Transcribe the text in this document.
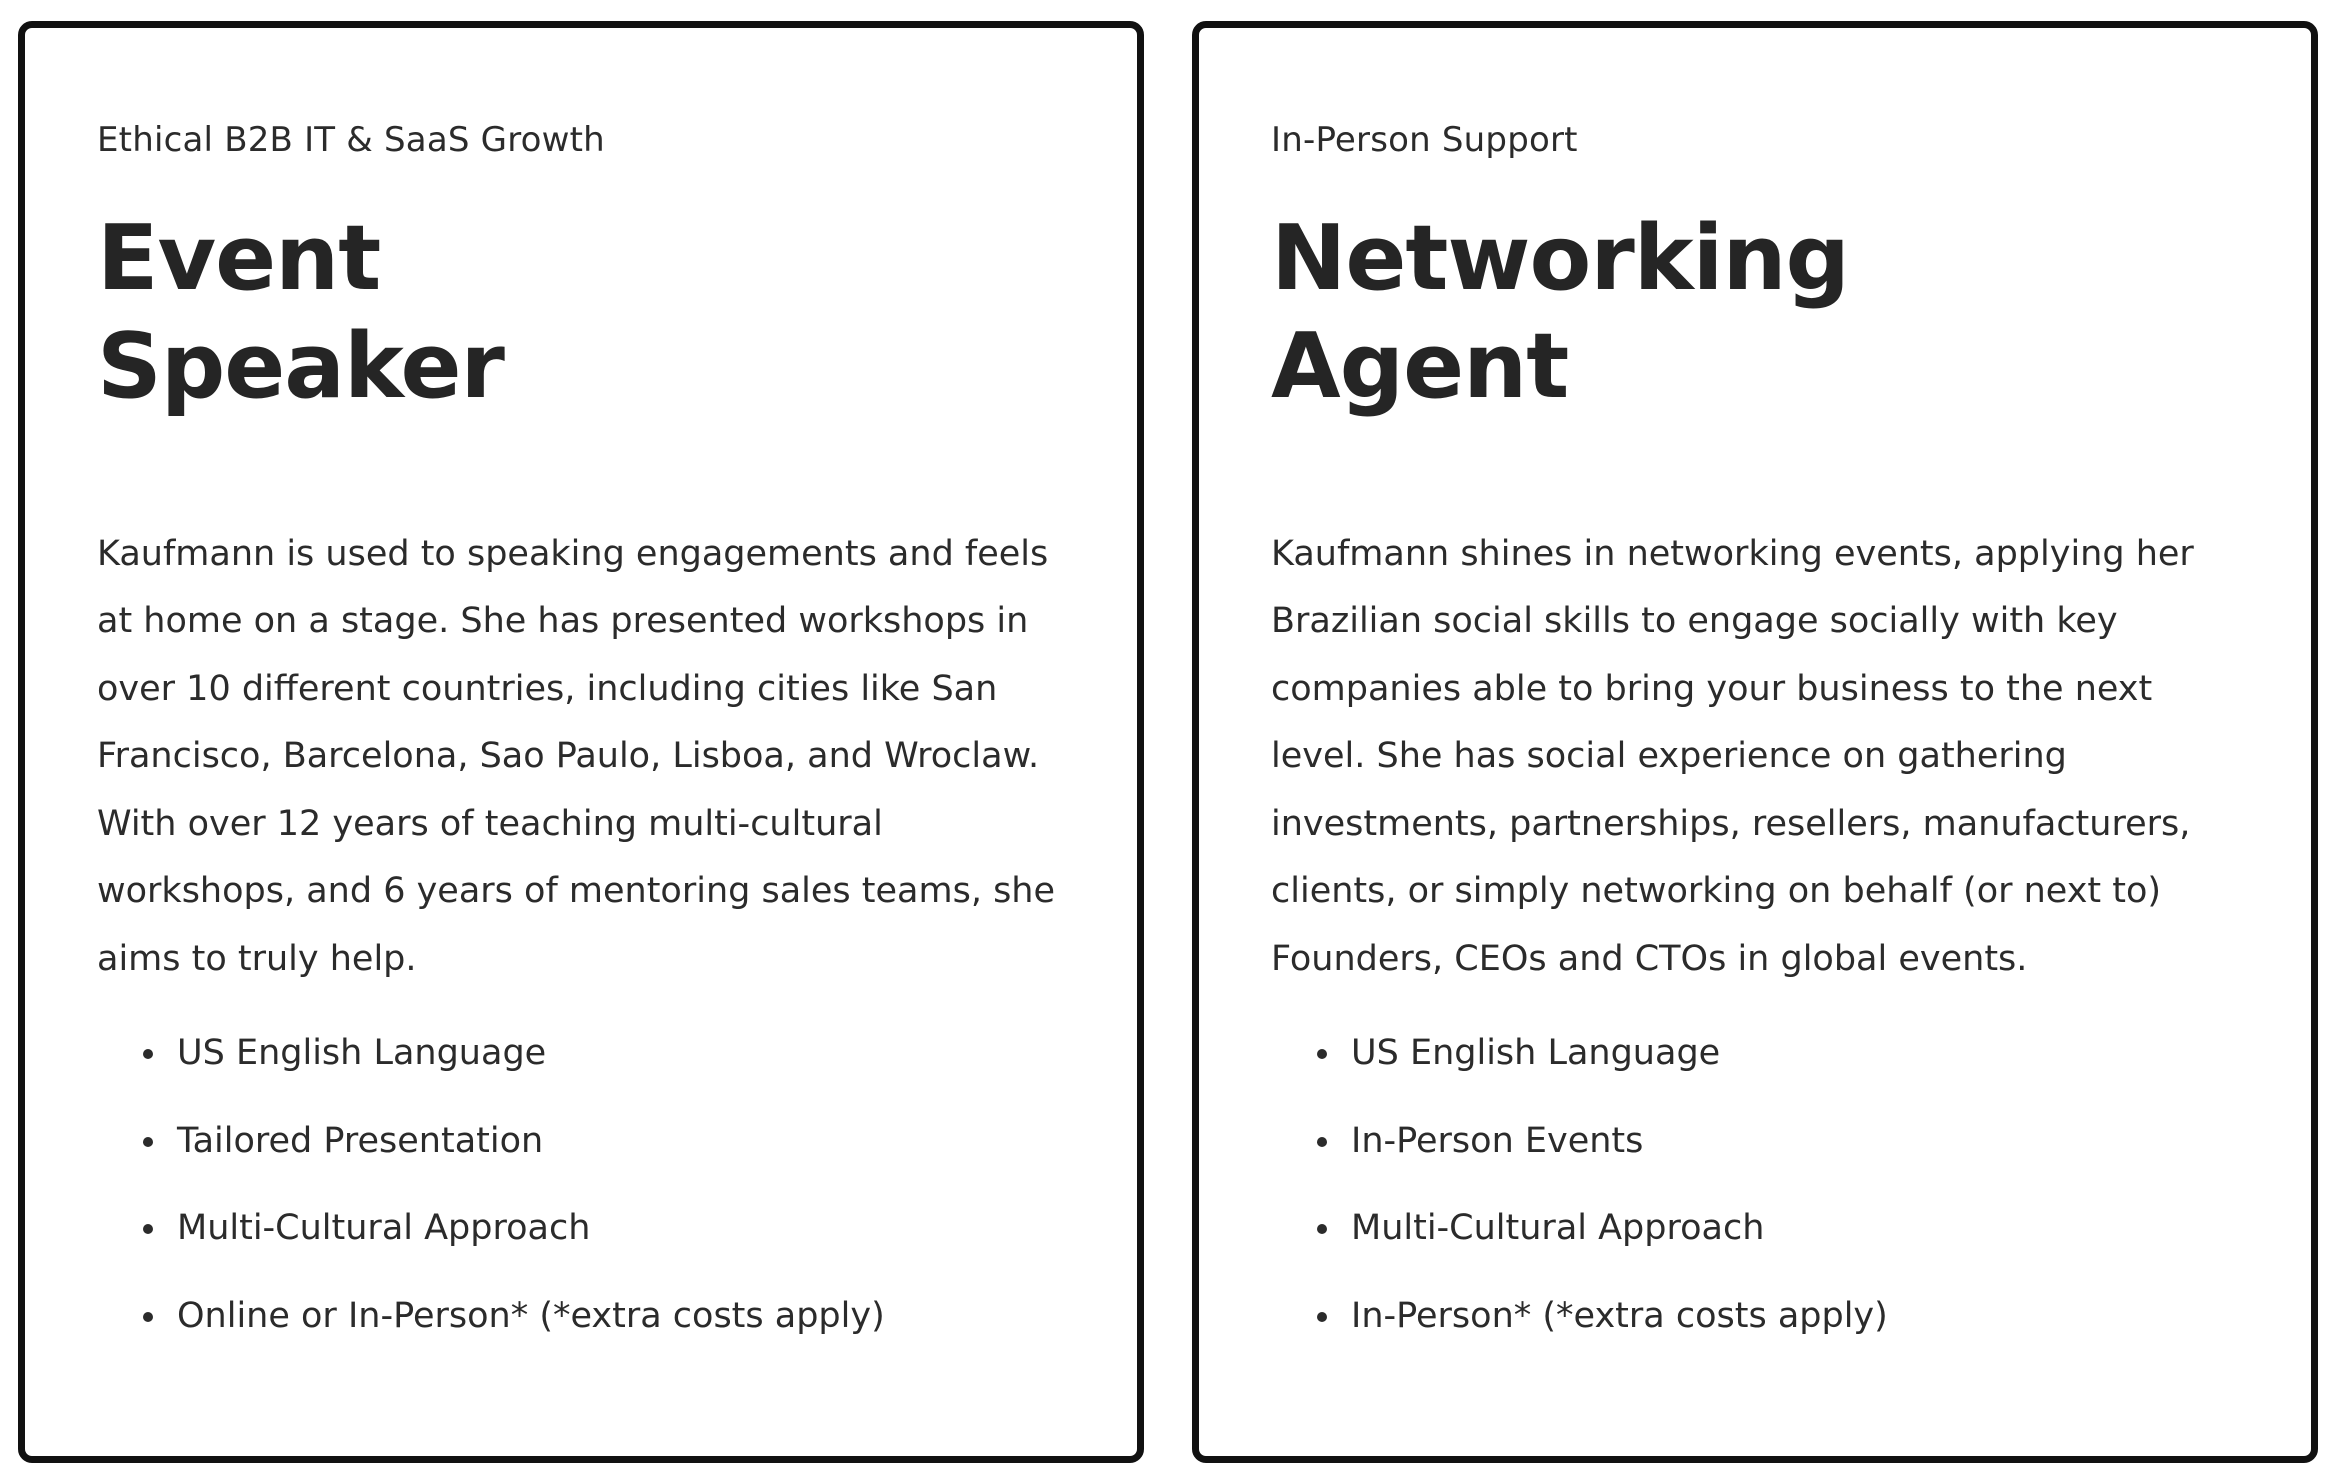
Ethical B2B IT & SaaS Growth

Event
Speaker

Kaufmann is used to speaking engagements and feels at home on a stage. She has presented workshops in over 10 different countries, including cities like San Francisco, Barcelona, Sao Paulo, Lisboa, and Wroclaw. With over 12 years of teaching multi-cultural workshops, and 6 years of mentoring sales teams, she aims to truly help.

US English Language
Tailored Presentation
Multi-Cultural Approach
Online or In-Person* (*extra costs apply)

In-Person Support

Networking
Agent

Kaufmann shines in networking events, applying her Brazilian social skills to engage socially with key companies able to bring your business to the next level. She has social experience on gathering investments, partnerships, resellers, manufacturers, clients, or simply networking on behalf (or next to) Founders, CEOs and CTOs in global events.

US English Language
In-Person Events
Multi-Cultural Approach
In-Person* (*extra costs apply)
